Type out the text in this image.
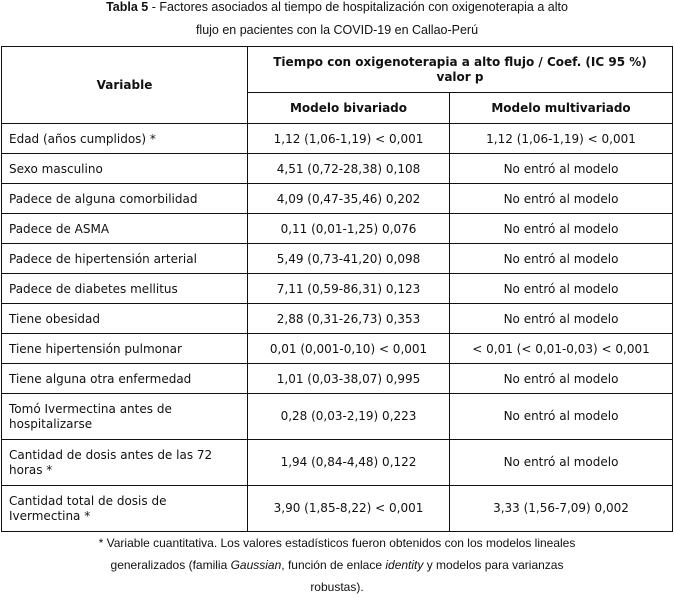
Tabla 5 - Factores asociados al tiempo de hospitalización con oxigenoterapia a alto
flujo en pacientes con la COVID-19 en Callao-Perú
Variable	Tiempo con oxigenoterapia a alto flujo / Coef. (IC 95 %) valor p	
	Modelo bivariado	Modelo multivariado
Edad (años cumplidos) *	1,12 (1,06-1,19) < 0,001	1,12 (1,06-1,19) < 0,001
Sexo masculino	4,51 (0,72-28,38) 0,108	No entró al modelo
Padece de alguna comorbilidad	4,09 (0,47-35,46) 0,202	No entró al modelo
Padece de ASMA	0,11 (0,01-1,25) 0,076	No entró al modelo
Padece de hipertensión arterial	5,49 (0,73-41,20) 0,098	No entró al modelo
Padece de diabetes mellitus	7,11 (0,59-86,31) 0,123	No entró al modelo
Tiene obesidad	2,88 (0,31-26,73) 0,353	No entró al modelo
Tiene hipertensión pulmonar	0,01 (0,001-0,10) < 0,001	< 0,01 (< 0,01-0,03) < 0,001
Tiene alguna otra enfermedad	1,01 (0,03-38,07) 0,995	No entró al modelo
Tomó Ivermectina antes de hospitalizarse	0,28 (0,03-2,19) 0,223	No entró al modelo
Cantidad de dosis antes de las 72 horas *	1,94 (0,84-4,48) 0,122	No entró al modelo
Cantidad total de dosis de Ivermectina *	3,90 (1,85-8,22) < 0,001	3,33 (1,56-7,09) 0,002
* Variable cuantitativa. Los valores estadísticos fueron obtenidos con los modelos lineales
generalizados (familia Gaussian, función de enlace identity y modelos para varianzas
robustas).
